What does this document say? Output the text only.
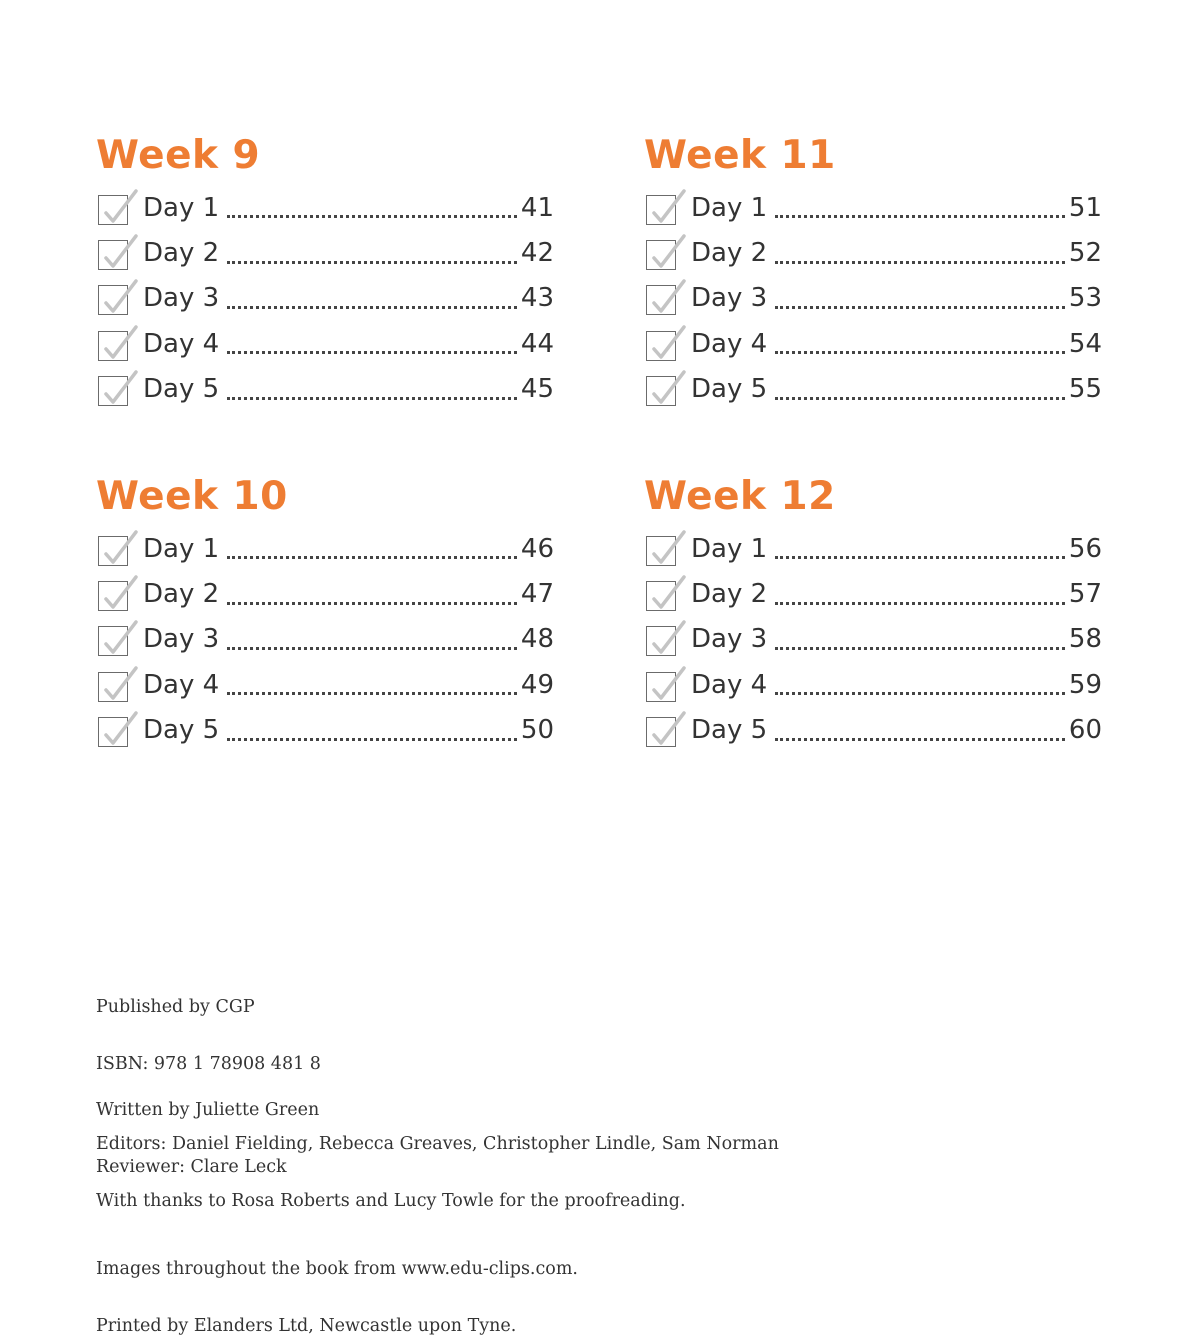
Week 9
Day 1	41
Day 2	42
Day 3	43
Day 4	44
Day 5	45
Week 11
Day 1	51
Day 2	52
Day 3	53
Day 4	54
Day 5	55
Week 10
Day 1	46
Day 2	47
Day 3	48
Day 4	49
Day 5	50
Week 12
Day 1	56
Day 2	57
Day 3	58
Day 4	59
Day 5	60
Published by CGP
ISBN: 978 1 78908 481 8
Written by Juliette Green
Editors: Daniel Fielding, Rebecca Greaves, Christopher Lindle, Sam Norman
Reviewer: Clare Leck
With thanks to Rosa Roberts and Lucy Towle for the proofreading.
Images throughout the book from www.edu-clips.com.
Printed by Elanders Ltd, Newcastle upon Tyne.
